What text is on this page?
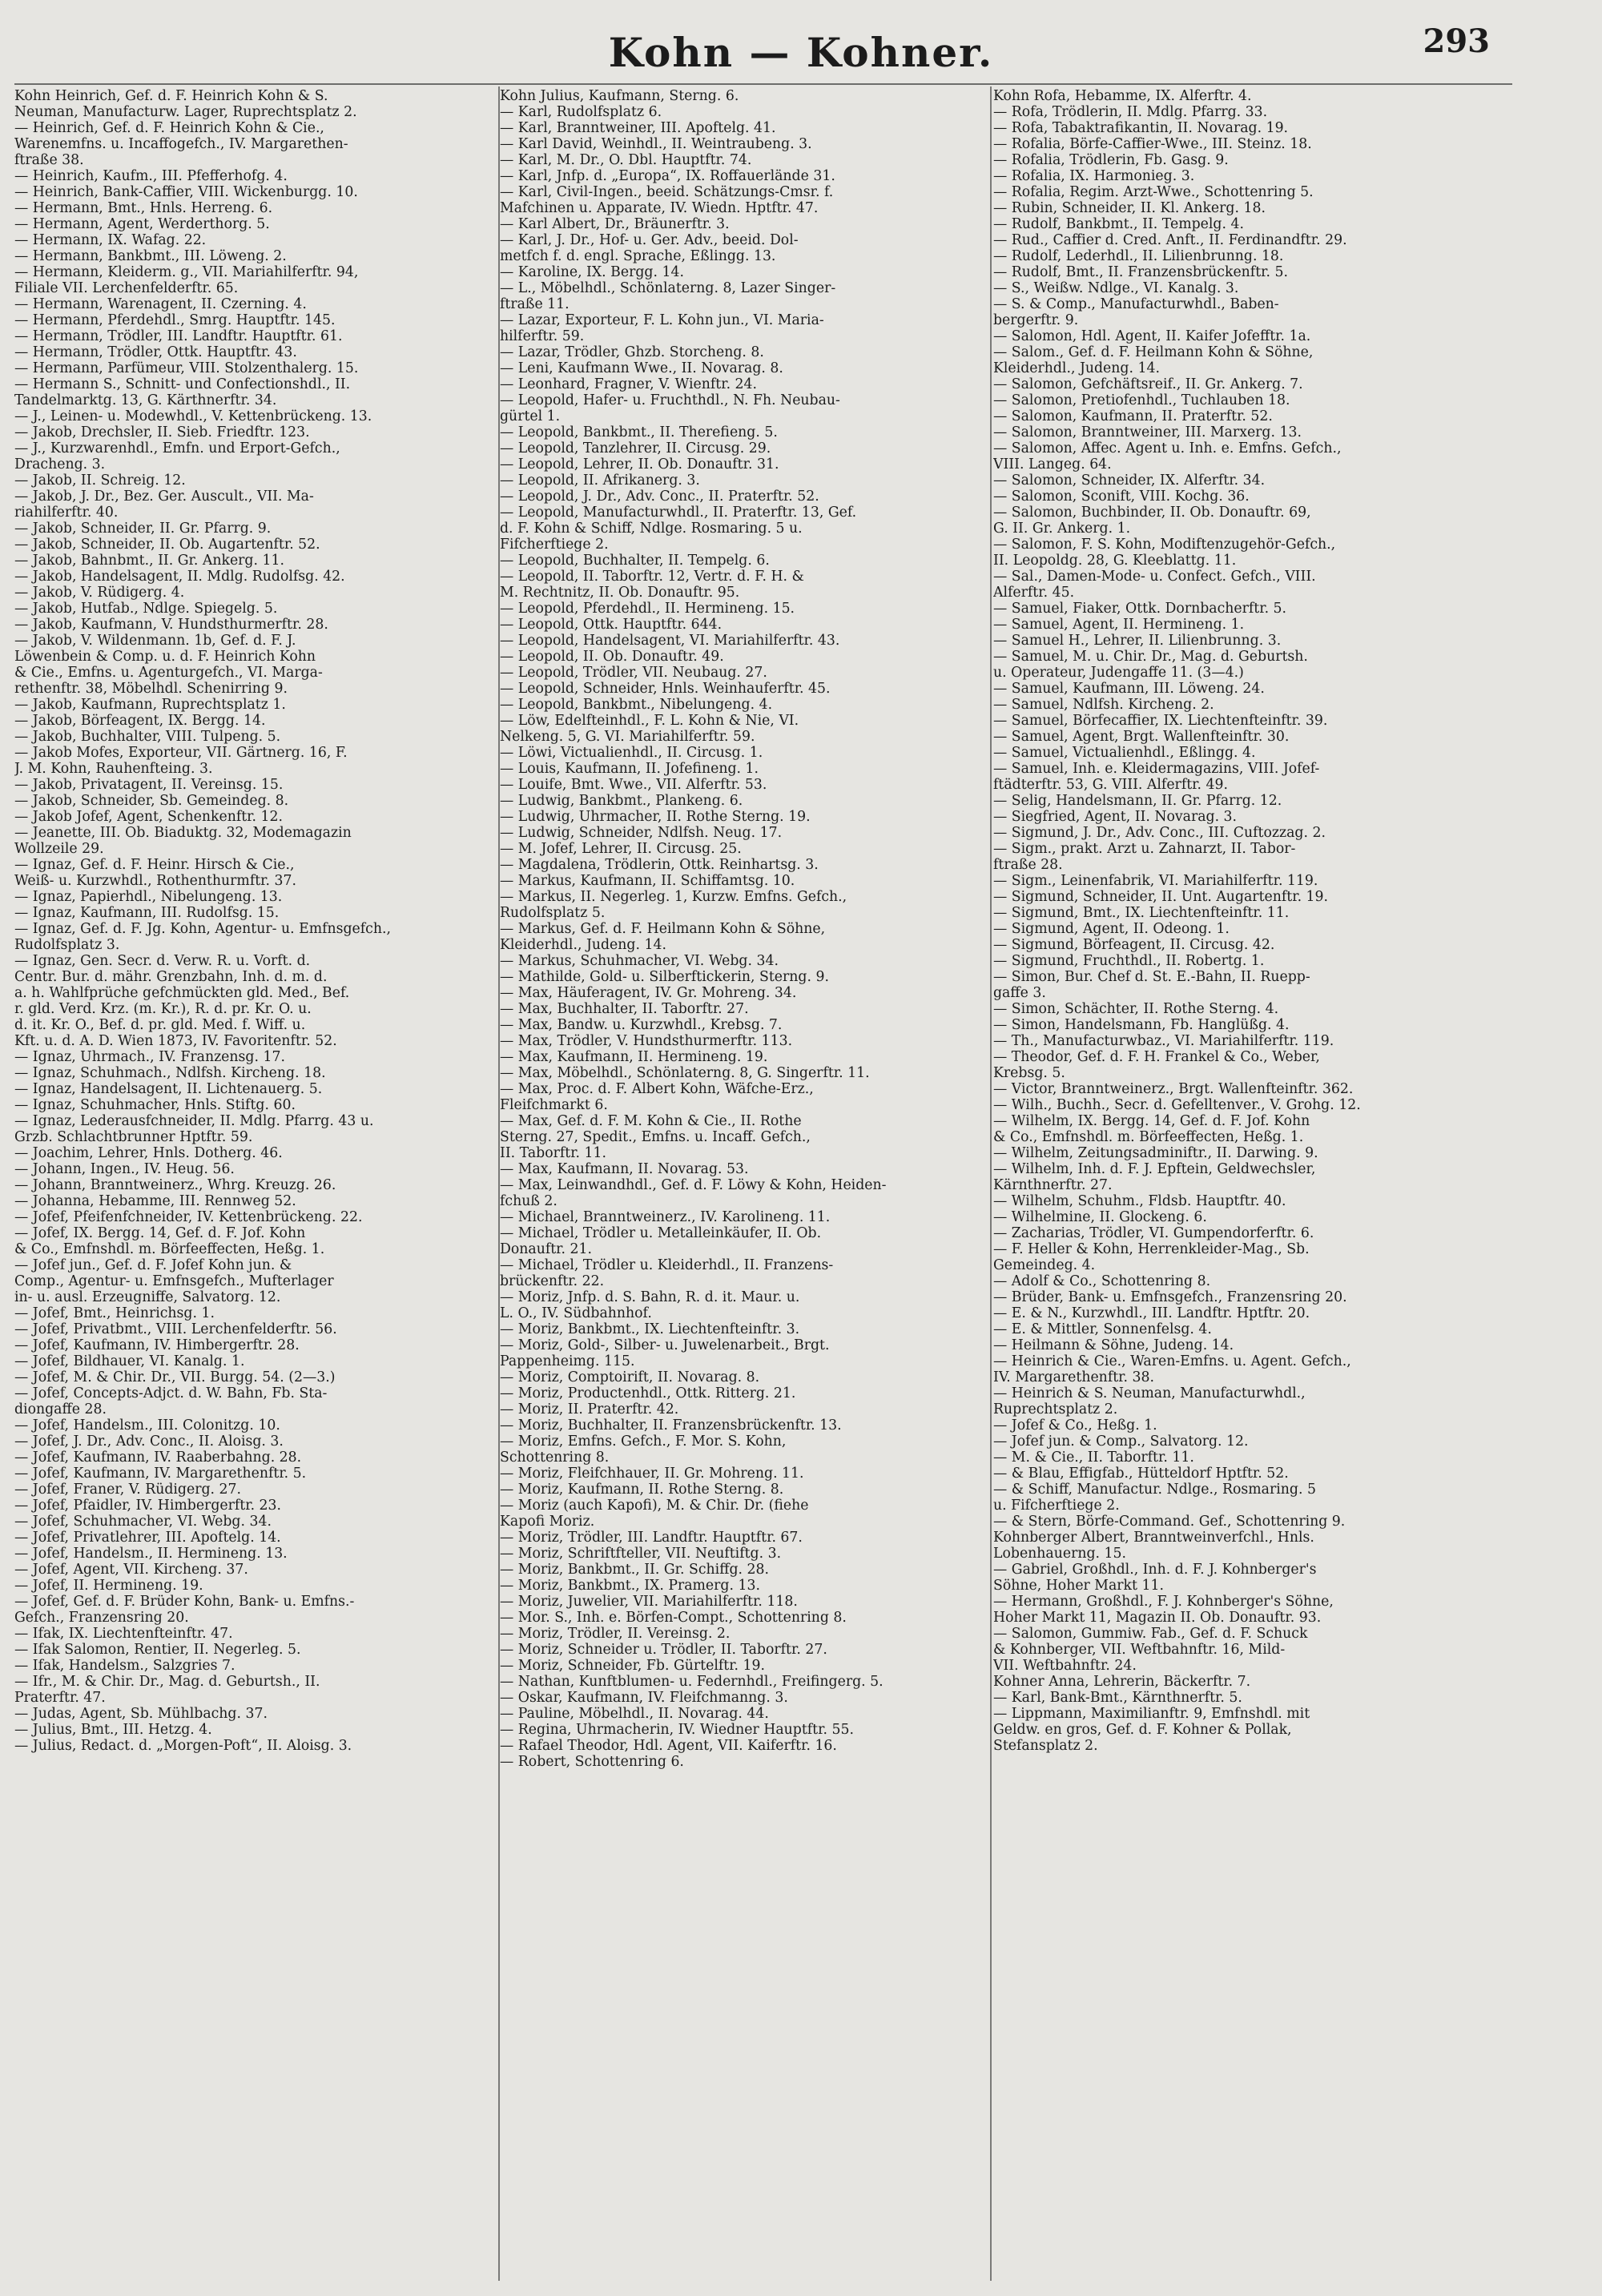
Kohn — Kohner.	293
Kohn Heinrich, Gef. d. F. Heinrich Kohn & S.
Neuman, Manufacturw. Lager, Ruprechtsplatz 2.
— Heinrich, Gef. d. F. Heinrich Kohn & Cie.,
Warenemfns. u. Incaffogefch., IV. Margarethen-
ftraße 38.
— Heinrich, Kaufm., III. Pfefferhofg. 4.
— Heinrich, Bank-Caffier, VIII. Wickenburgg. 10.
— Hermann, Bmt., Hnls. Herreng. 6.
— Hermann, Agent, Werderthorg. 5.
— Hermann, IX. Wafag. 22.
— Hermann, Bankbmt., III. Löweng. 2.
— Hermann, Kleiderm. g., VII. Mariahilferftr. 94,
Filiale VII. Lerchenfelderftr. 65.
— Hermann, Warenagent, II. Czerning. 4.
— Hermann, Pferdehdl., Smrg. Hauptftr. 145.
— Hermann, Trödler, III. Landftr. Hauptftr. 61.
— Hermann, Trödler, Ottk. Hauptftr. 43.
— Hermann, Parfümeur, VIII. Stolzenthalerg. 15.
— Hermann S., Schnitt- und Confectionshdl., II.
Tandelmarktg. 13, G. Kärthnerftr. 34.
— J., Leinen- u. Modewhdl., V. Kettenbrückeng. 13.
— Jakob, Drechsler, II. Sieb. Friedftr. 123.
— J., Kurzwarenhdl., Emfn. und Erport-Gefch.,
Dracheng. 3.
— Jakob, II. Schreig. 12.
— Jakob, J. Dr., Bez. Ger. Auscult., VII. Ma-
riahilferftr. 40.
— Jakob, Schneider, II. Gr. Pfarrg. 9.
— Jakob, Schneider, II. Ob. Augartenftr. 52.
— Jakob, Bahnbmt., II. Gr. Ankerg. 11.
— Jakob, Handelsagent, II. Mdlg. Rudolfsg. 42.
— Jakob, V. Rüdigerg. 4.
— Jakob, Hutfab., Ndlge. Spiegelg. 5.
— Jakob, Kaufmann, V. Hundsthurmerftr. 28.
— Jakob, V. Wildenmann. 1b, Gef. d. F. J.
Löwenbein & Comp. u. d. F. Heinrich Kohn
& Cie., Emfns. u. Agenturgefch., VI. Marga-
rethenftr. 38, Möbelhdl. Schenirring 9.
— Jakob, Kaufmann, Ruprechtsplatz 1.
— Jakob, Börfeagent, IX. Bergg. 14.
— Jakob, Buchhalter, VIII. Tulpeng. 5.
— Jakob Mofes, Exporteur, VII. Gärtnerg. 16, F.
J. M. Kohn, Rauhenfteing. 3.
— Jakob, Privatagent, II. Vereinsg. 15.
— Jakob, Schneider, Sb. Gemeindeg. 8.
— Jakob Jofef, Agent, Schenkenftr. 12.
— Jeanette, III. Ob. Biaduktg. 32, Modemagazin
Wollzeile 29.
— Ignaz, Gef. d. F. Heinr. Hirsch & Cie.,
Weiß- u. Kurzwhdl., Rothenthurmftr. 37.
— Ignaz, Papierhdl., Nibelungeng. 13.
— Ignaz, Kaufmann, III. Rudolfsg. 15.
— Ignaz, Gef. d. F. Jg. Kohn, Agentur- u. Emfnsgefch.,
Rudolfsplatz 3.
— Ignaz, Gen. Secr. d. Verw. R. u. Vorft. d.
Centr. Bur. d. mähr. Grenzbahn, Inh. d. m. d.
a. h. Wahlfprüche gefchmückten gld. Med., Bef.
r. gld. Verd. Krz. (m. Kr.), R. d. pr. Kr. O. u.
d. it. Kr. O., Bef. d. pr. gld. Med. f. Wiff. u.
Kft. u. d. A. D. Wien 1873, IV. Favoritenftr. 52.
— Ignaz, Uhrmach., IV. Franzensg. 17.
— Ignaz, Schuhmach., Ndlfsh. Kircheng. 18.
— Ignaz, Handelsagent, II. Lichtenauerg. 5.
— Ignaz, Schuhmacher, Hnls. Stiftg. 60.
— Ignaz, Lederausfchneider, II. Mdlg. Pfarrg. 43 u.
Grzb. Schlachtbrunner Hptftr. 59.
— Joachim, Lehrer, Hnls. Dotherg. 46.
— Johann, Ingen., IV. Heug. 56.
— Johann, Branntweinerz., Whrg. Kreuzg. 26.
— Johanna, Hebamme, III. Rennweg 52.
— Jofef, Pfeifenfchneider, IV. Kettenbrückeng. 22.
— Jofef, IX. Bergg. 14, Gef. d. F. Jof. Kohn
& Co., Emfnshdl. m. Börfeeffecten, Heßg. 1.
— Jofef jun., Gef. d. F. Jofef Kohn jun. &
Comp., Agentur- u. Emfnsgefch., Mufterlager
in- u. ausl. Erzeugniffe, Salvatorg. 12.
— Jofef, Bmt., Heinrichsg. 1.
— Jofef, Privatbmt., VIII. Lerchenfelderftr. 56.
— Jofef, Kaufmann, IV. Himbergerftr. 28.
— Jofef, Bildhauer, VI. Kanalg. 1.
— Jofef, M. & Chir. Dr., VII. Burgg. 54. (2—3.)
— Jofef, Concepts-Adjct. d. W. Bahn, Fb. Sta-
diongaffe 28.
— Jofef, Handelsm., III. Colonitzg. 10.
— Jofef, J. Dr., Adv. Conc., II. Aloisg. 3.
— Jofef, Kaufmann, IV. Raaberbahng. 28.
— Jofef, Kaufmann, IV. Margarethenftr. 5.
— Jofef, Franer, V. Rüdigerg. 27.
— Jofef, Pfaidler, IV. Himbergerftr. 23.
— Jofef, Schuhmacher, VI. Webg. 34.
— Jofef, Privatlehrer, III. Apoftelg. 14.
— Jofef, Handelsm., II. Hermineng. 13.
— Jofef, Agent, VII. Kircheng. 37.
— Jofef, II. Hermineng. 19.
— Jofef, Gef. d. F. Brüder Kohn, Bank- u. Emfns.-
Gefch., Franzensring 20.
— Ifak, IX. Liechtenfteinftr. 47.
— Ifak Salomon, Rentier, II. Negerleg. 5.
— Ifak, Handelsm., Salzgries 7.
— Ifr., M. & Chir. Dr., Mag. d. Geburtsh., II.
Praterftr. 47.
— Judas, Agent, Sb. Mühlbachg. 37.
— Julius, Bmt., III. Hetzg. 4.
— Julius, Redact. d. „Morgen-Poft“, II. Aloisg. 3.
Kohn Julius, Kaufmann, Sterng. 6.
— Karl, Rudolfsplatz 6.
— Karl, Branntweiner, III. Apoftelg. 41.
— Karl David, Weinhdl., II. Weintraubeng. 3.
— Karl, M. Dr., O. Dbl. Hauptftr. 74.
— Karl, Jnfp. d. „Europa“, IX. Roffauerlände 31.
— Karl, Civil-Ingen., beeid. Schätzungs-Cmsr. f.
Mafchinen u. Apparate, IV. Wiedn. Hptftr. 47.
— Karl Albert, Dr., Bräunerftr. 3.
— Karl, J. Dr., Hof- u. Ger. Adv., beeid. Dol-
metfch f. d. engl. Sprache, Eßlingg. 13.
— Karoline, IX. Bergg. 14.
— L., Möbelhdl., Schönlaterng. 8, Lazer Singer-
ftraße 11.
— Lazar, Exporteur, F. L. Kohn jun., VI. Maria-
hilferftr. 59.
— Lazar, Trödler, Ghzb. Storcheng. 8.
— Leni, Kaufmann Wwe., II. Novarag. 8.
— Leonhard, Fragner, V. Wienftr. 24.
— Leopold, Hafer- u. Fruchthdl., N. Fh. Neubau-
gürtel 1.
— Leopold, Bankbmt., II. Therefieng. 5.
— Leopold, Tanzlehrer, II. Circusg. 29.
— Leopold, Lehrer, II. Ob. Donauftr. 31.
— Leopold, II. Afrikanerg. 3.
— Leopold, J. Dr., Adv. Conc., II. Praterftr. 52.
— Leopold, Manufacturwhdl., II. Praterftr. 13, Gef.
d. F. Kohn & Schiff, Ndlge. Rosmaring. 5 u.
Fifcherftiege 2.
— Leopold, Buchhalter, II. Tempelg. 6.
— Leopold, II. Taborftr. 12, Vertr. d. F. H. &
M. Rechtnitz, II. Ob. Donauftr. 95.
— Leopold, Pferdehdl., II. Hermineng. 15.
— Leopold, Ottk. Hauptftr. 644.
— Leopold, Handelsagent, VI. Mariahilferftr. 43.
— Leopold, II. Ob. Donauftr. 49.
— Leopold, Trödler, VII. Neubaug. 27.
— Leopold, Schneider, Hnls. Weinhauferftr. 45.
— Leopold, Bankbmt., Nibelungeng. 4.
— Löw, Edelfteinhdl., F. L. Kohn & Nie, VI.
Nelkeng. 5, G. VI. Mariahilferftr. 59.
— Löwi, Victualienhdl., II. Circusg. 1.
— Louis, Kaufmann, II. Jofefineng. 1.
— Louife, Bmt. Wwe., VII. Alferftr. 53.
— Ludwig, Bankbmt., Plankeng. 6.
— Ludwig, Uhrmacher, II. Rothe Sterng. 19.
— Ludwig, Schneider, Ndlfsh. Neug. 17.
— M. Jofef, Lehrer, II. Circusg. 25.
— Magdalena, Trödlerin, Ottk. Reinhartsg. 3.
— Markus, Kaufmann, II. Schiffamtsg. 10.
— Markus, II. Negerleg. 1, Kurzw. Emfns. Gefch.,
Rudolfsplatz 5.
— Markus, Gef. d. F. Heilmann Kohn & Söhne,
Kleiderhdl., Judeng. 14.
— Markus, Schuhmacher, VI. Webg. 34.
— Mathilde, Gold- u. Silberftickerin, Sterng. 9.
— Max, Häuferagent, IV. Gr. Mohreng. 34.
— Max, Buchhalter, II. Taborftr. 27.
— Max, Bandw. u. Kurzwhdl., Krebsg. 7.
— Max, Trödler, V. Hundsthurmerftr. 113.
— Max, Kaufmann, II. Hermineng. 19.
— Max, Möbelhdl., Schönlaterng. 8, G. Singerftr. 11.
— Max, Proc. d. F. Albert Kohn, Wäfche-Erz.,
Fleifchmarkt 6.
— Max, Gef. d. F. M. Kohn & Cie., II. Rothe
Sterng. 27, Spedit., Emfns. u. Incaff. Gefch.,
II. Taborftr. 11.
— Max, Kaufmann, II. Novarag. 53.
— Max, Leinwandhdl., Gef. d. F. Löwy & Kohn, Heiden-
fchuß 2.
— Michael, Branntweinerz., IV. Karolineng. 11.
— Michael, Trödler u. Metalleinkäufer, II. Ob.
Donauftr. 21.
— Michael, Trödler u. Kleiderhdl., II. Franzens-
brückenftr. 22.
— Moriz, Jnfp. d. S. Bahn, R. d. it. Maur. u.
L. O., IV. Südbahnhof.
— Moriz, Bankbmt., IX. Liechtenfteinftr. 3.
— Moriz, Gold-, Silber- u. Juwelenarbeit., Brgt.
Pappenheimg. 115.
— Moriz, Comptoirift, II. Novarag. 8.
— Moriz, Productenhdl., Ottk. Ritterg. 21.
— Moriz, II. Praterftr. 42.
— Moriz, Buchhalter, II. Franzensbrückenftr. 13.
— Moriz, Emfns. Gefch., F. Mor. S. Kohn,
Schottenring 8.
— Moriz, Fleifchhauer, II. Gr. Mohreng. 11.
— Moriz, Kaufmann, II. Rothe Sterng. 8.
— Moriz (auch Kapofi), M. & Chir. Dr. (fiehe
Kapofi Moriz.
— Moriz, Trödler, III. Landftr. Hauptftr. 67.
— Moriz, Schriftfteller, VII. Neuftiftg. 3.
— Moriz, Bankbmt., II. Gr. Schiffg. 28.
— Moriz, Bankbmt., IX. Pramerg. 13.
— Moriz, Juwelier, VII. Mariahilferftr. 118.
— Mor. S., Inh. e. Börfen-Compt., Schottenring 8.
— Moriz, Trödler, II. Vereinsg. 2.
— Moriz, Schneider u. Trödler, II. Taborftr. 27.
— Moriz, Schneider, Fb. Gürtelftr. 19.
— Nathan, Kunftblumen- u. Federnhdl., Freifingerg. 5.
— Oskar, Kaufmann, IV. Fleifchmanng. 3.
— Pauline, Möbelhdl., II. Novarag. 44.
— Regina, Uhrmacherin, IV. Wiedner Hauptftr. 55.
— Rafael Theodor, Hdl. Agent, VII. Kaiferftr. 16.
— Robert, Schottenring 6.
Kohn Rofa, Hebamme, IX. Alferftr. 4.
— Rofa, Trödlerin, II. Mdlg. Pfarrg. 33.
— Rofa, Tabaktrafikantin, II. Novarag. 19.
— Rofalia, Börfe-Caffier-Wwe., III. Steinz. 18.
— Rofalia, Trödlerin, Fb. Gasg. 9.
— Rofalia, IX. Harmonieg. 3.
— Rofalia, Regim. Arzt-Wwe., Schottenring 5.
— Rubin, Schneider, II. Kl. Ankerg. 18.
— Rudolf, Bankbmt., II. Tempelg. 4.
— Rud., Caffier d. Cred. Anft., II. Ferdinandftr. 29.
— Rudolf, Lederhdl., II. Lilienbrunng. 18.
— Rudolf, Bmt., II. Franzensbrückenftr. 5.
— S., Weißw. Ndlge., VI. Kanalg. 3.
— S. & Comp., Manufacturwhdl., Baben-
bergerftr. 9.
— Salomon, Hdl. Agent, II. Kaifer Jofefftr. 1a.
— Salom., Gef. d. F. Heilmann Kohn & Söhne,
Kleiderhdl., Judeng. 14.
— Salomon, Gefchäftsreif., II. Gr. Ankerg. 7.
— Salomon, Pretiofenhdl., Tuchlauben 18.
— Salomon, Kaufmann, II. Praterftr. 52.
— Salomon, Branntweiner, III. Marxerg. 13.
— Salomon, Affec. Agent u. Inh. e. Emfns. Gefch.,
VIII. Langeg. 64.
— Salomon, Schneider, IX. Alferftr. 34.
— Salomon, Sconift, VIII. Kochg. 36.
— Salomon, Buchbinder, II. Ob. Donauftr. 69,
G. II. Gr. Ankerg. 1.
— Salomon, F. S. Kohn, Modiftenzugehör-Gefch.,
II. Leopoldg. 28, G. Kleeblattg. 11.
— Sal., Damen-Mode- u. Confect. Gefch., VIII.
Alferftr. 45.
— Samuel, Fiaker, Ottk. Dornbacherftr. 5.
— Samuel, Agent, II. Hermineng. 1.
— Samuel H., Lehrer, II. Lilienbrunng. 3.
— Samuel, M. u. Chir. Dr., Mag. d. Geburtsh.
u. Operateur, Judengaffe 11. (3—4.)
— Samuel, Kaufmann, III. Löweng. 24.
— Samuel, Ndlfsh. Kircheng. 2.
— Samuel, Börfecaffier, IX. Liechtenfteinftr. 39.
— Samuel, Agent, Brgt. Wallenfteinftr. 30.
— Samuel, Victualienhdl., Eßlingg. 4.
— Samuel, Inh. e. Kleidermagazins, VIII. Jofef-
ftädterftr. 53, G. VIII. Alferftr. 49.
— Selig, Handelsmann, II. Gr. Pfarrg. 12.
— Siegfried, Agent, II. Novarag. 3.
— Sigmund, J. Dr., Adv. Conc., III. Cuftozzag. 2.
— Sigm., prakt. Arzt u. Zahnarzt, II. Tabor-
ftraße 28.
— Sigm., Leinenfabrik, VI. Mariahilferftr. 119.
— Sigmund, Schneider, II. Unt. Augartenftr. 19.
— Sigmund, Bmt., IX. Liechtenfteinftr. 11.
— Sigmund, Agent, II. Odeong. 1.
— Sigmund, Börfeagent, II. Circusg. 42.
— Sigmund, Fruchthdl., II. Robertg. 1.
— Simon, Bur. Chef d. St. E.-Bahn, II. Ruepp-
gaffe 3.
— Simon, Schächter, II. Rothe Sterng. 4.
— Simon, Handelsmann, Fb. Hanglüßg. 4.
— Th., Manufacturwbaz., VI. Mariahilferftr. 119.
— Theodor, Gef. d. F. H. Frankel & Co., Weber,
Krebsg. 5.
— Victor, Branntweinerz., Brgt. Wallenfteinftr. 362.
— Wilh., Buchh., Secr. d. Gefelltenver., V. Grohg. 12.
— Wilhelm, IX. Bergg. 14, Gef. d. F. Jof. Kohn
& Co., Emfnshdl. m. Börfeeffecten, Heßg. 1.
— Wilhelm, Zeitungsadminiftr., II. Darwing. 9.
— Wilhelm, Inh. d. F. J. Epftein, Geldwechsler,
Kärnthnerftr. 27.
— Wilhelm, Schuhm., Fldsb. Hauptftr. 40.
— Wilhelmine, II. Glockeng. 6.
— Zacharias, Trödler, VI. Gumpendorferftr. 6.
— F. Heller & Kohn, Herrenkleider-Mag., Sb.
Gemeindeg. 4.
— Adolf & Co., Schottenring 8.
— Brüder, Bank- u. Emfnsgefch., Franzensring 20.
— E. & N., Kurzwhdl., III. Landftr. Hptftr. 20.
— E. & Mittler, Sonnenfelsg. 4.
— Heilmann & Söhne, Judeng. 14.
— Heinrich & Cie., Waren-Emfns. u. Agent. Gefch.,
IV. Margarethenftr. 38.
— Heinrich & S. Neuman, Manufacturwhdl.,
Ruprechtsplatz 2.
— Jofef & Co., Heßg. 1.
— Jofef jun. & Comp., Salvatorg. 12.
— M. & Cie., II. Taborftr. 11.
— & Blau, Effigfab., Hütteldorf Hptftr. 52.
— & Schiff, Manufactur. Ndlge., Rosmaring. 5
u. Fifcherftiege 2.
— & Stern, Börfe-Command. Gef., Schottenring 9.
Kohnberger Albert, Branntweinverfchl., Hnls.
Lobenhauerng. 15.
— Gabriel, Großhdl., Inh. d. F. J. Kohnberger's
Söhne, Hoher Markt 11.
— Hermann, Großhdl., F. J. Kohnberger's Söhne,
Hoher Markt 11, Magazin II. Ob. Donauftr. 93.
— Salomon, Gummiw. Fab., Gef. d. F. Schuck
& Kohnberger, VII. Weftbahnftr. 16, Mild-
VII. Weftbahnftr. 24.
Kohner Anna, Lehrerin, Bäckerftr. 7.
— Karl, Bank-Bmt., Kärnthnerftr. 5.
— Lippmann, Maximilianftr. 9, Emfnshdl. mit
Geldw. en gros, Gef. d. F. Kohner & Pollak,
Stefansplatz 2.
